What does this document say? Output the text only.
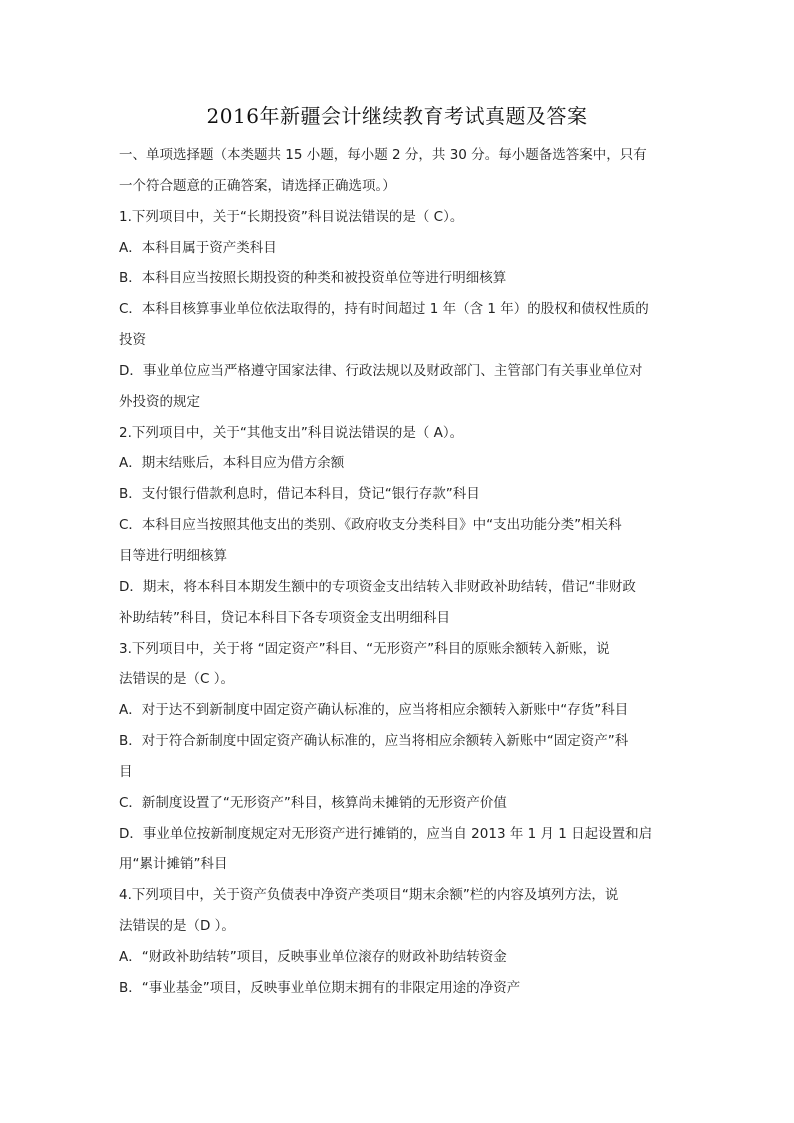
2016年新疆会计继续教育考试真题及答案
一、单项选择题（本类题共 15 小题，每小题 2 分，共 30 分。每小题备选答案中，只有
一个符合题意的正确答案，请选择正确选项。）
1.下列项目中，关于“长期投资”科目说法错误的是（ C）。
A．本科目属于资产类科目
B．本科目应当按照长期投资的种类和被投资单位等进行明细核算
C．本科目核算事业单位依法取得的，持有时间超过 1 年（含 1 年）的股权和债权性质的
投资
D．事业单位应当严格遵守国家法律、行政法规以及财政部门、主管部门有关事业单位对
外投资的规定
2.下列项目中，关于“其他支出”科目说法错误的是（ A）。
A．期末结账后，本科目应为借方余额
B．支付银行借款利息时，借记本科目，贷记“银行存款”科目
C．本科目应当按照其他支出的类别、《政府收支分类科目》中“支出功能分类”相关科
目等进行明细核算
D．期末，将本科目本期发生额中的专项资金支出结转入非财政补助结转，借记“非财政
补助结转”科目，贷记本科目下各专项资金支出明细科目
3.下列项目中，关于将 “固定资产”科目、“无形资产”科目的原账余额转入新账，说
法错误的是（C ）。
A．对于达不到新制度中固定资产确认标准的，应当将相应余额转入新账中“存货”科目
B．对于符合新制度中固定资产确认标准的，应当将相应余额转入新账中“固定资产”科
目
C．新制度设置了“无形资产”科目，核算尚未摊销的无形资产价值
D．事业单位按新制度规定对无形资产进行摊销的，应当自 2013 年 1 月 1 日起设置和启
用“累计摊销”科目
4.下列项目中，关于资产负债表中净资产类项目“期末余额”栏的内容及填列方法，说
法错误的是（D ）。
A．“财政补助结转”项目，反映事业单位滚存的财政补助结转资金
B．“事业基金”项目，反映事业单位期末拥有的非限定用途的净资产
